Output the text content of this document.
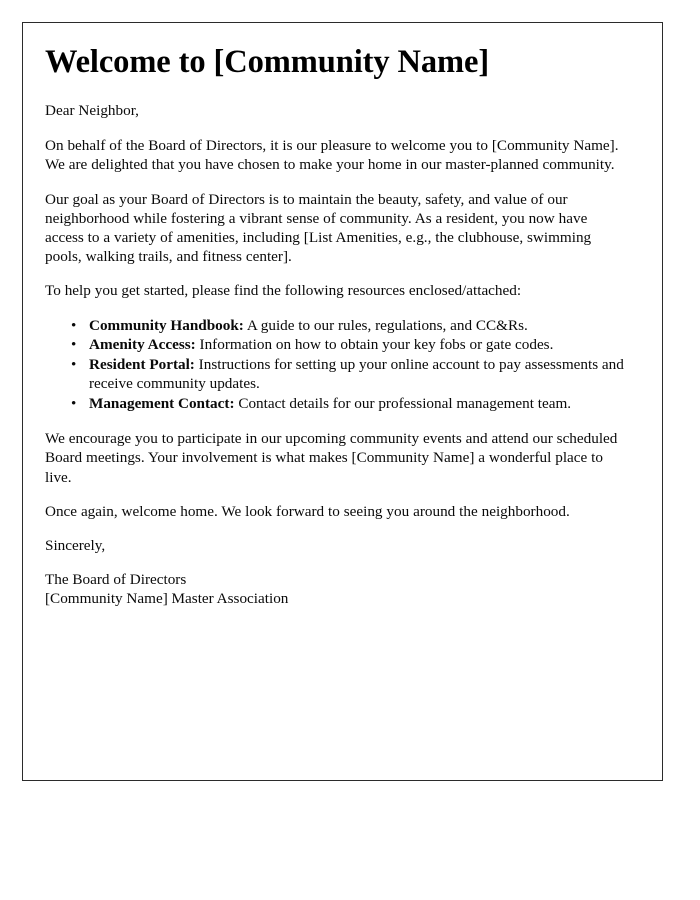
Welcome to [Community Name]

Dear Neighbor,

On behalf of the Board of Directors, it is our pleasure to welcome you to [Community Name]. We are delighted that you have chosen to make your home in our master-planned community.

Our goal as your Board of Directors is to maintain the beauty, safety, and value of our neighborhood while fostering a vibrant sense of community. As a resident, you now have access to a variety of amenities, including [List Amenities, e.g., the clubhouse, swimming pools, walking trails, and fitness center].

To help you get started, please find the following resources enclosed/attached:

• Community Handbook: A guide to our rules, regulations, and CC&Rs.
• Amenity Access: Information on how to obtain your key fobs or gate codes.
• Resident Portal: Instructions for setting up your online account to pay assessments and receive community updates.
• Management Contact: Contact details for our professional management team.

We encourage you to participate in our upcoming community events and attend our scheduled Board meetings. Your involvement is what makes [Community Name] a wonderful place to live.

Once again, welcome home. We look forward to seeing you around the neighborhood.

Sincerely,

The Board of Directors
[Community Name] Master Association
